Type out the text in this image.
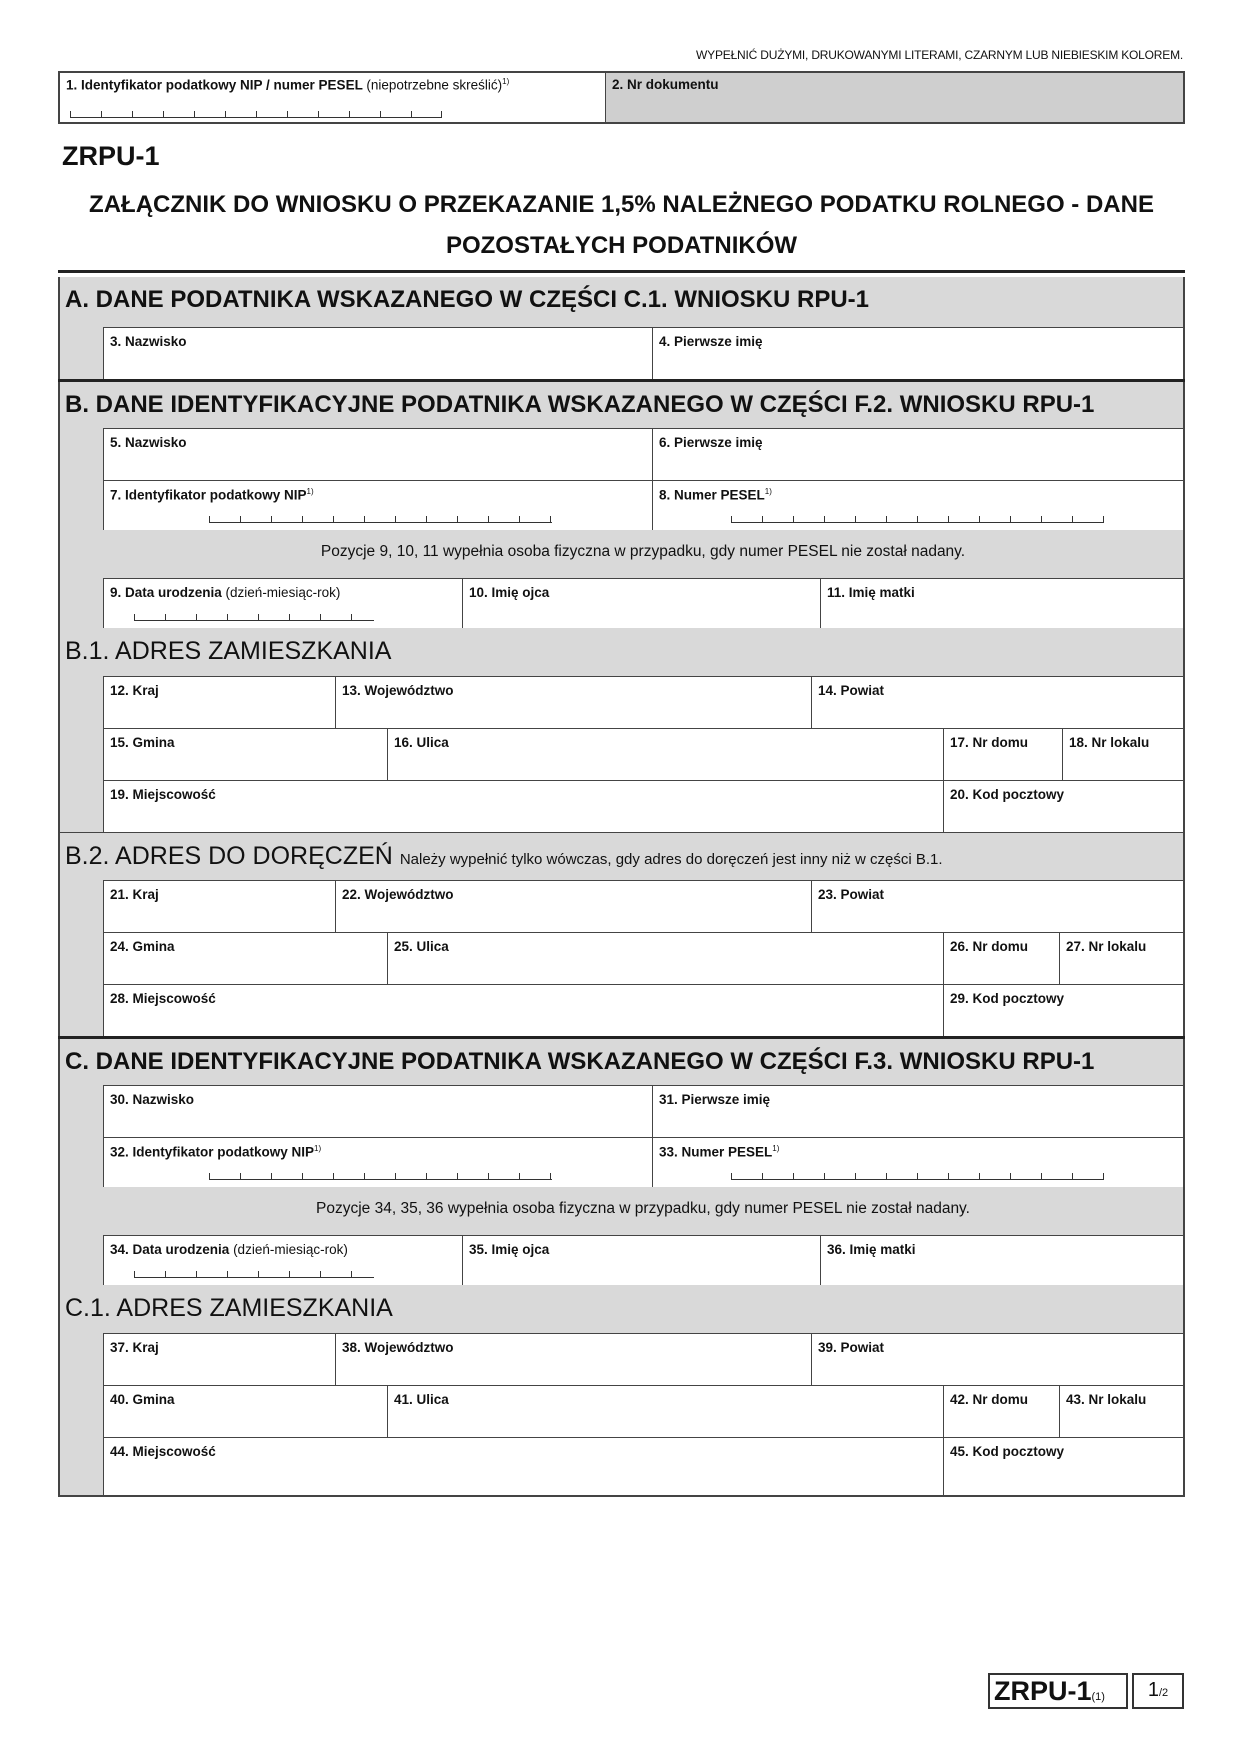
WYPEŁNIĆ DUŻYMI, DRUKOWANYMI LITERAMI, CZARNYM LUB NIEBIESKIM KOLOREM.
1. Identyfikator podatkowy NIP / numer PESEL (niepotrzebne skreślić)$^{1)}$	2. Nr dokumentu
ZRPU-1
ZAŁĄCZNIK DO WNIOSKU O PRZEKAZANIE 1,5% NALEŻNEGO PODATKU ROLNEGO - DANE
POZOSTAŁYCH PODATNIKÓW
A. DANE PODATNIKA WSKAZANEGO W CZĘŚCI C.1. WNIOSKU RPU-1
3. Nazwisko	4. Pierwsze imię
B. DANE IDENTYFIKACYJNE PODATNIKA WSKAZANEGO W CZĘŚCI F.2. WNIOSKU RPU-1
5. Nazwisko	6. Pierwsze imię
7. Identyfikator podatkowy NIP$^{1)}$	8. Numer PESEL$^{1)}$
Pozycje 9, 10, 11 wypełnia osoba fizyczna w przypadku, gdy numer PESEL nie został nadany.
9. Data urodzenia (dzień-miesiąc-rok)	10. Imię ojca	11. Imię matki
B.1. ADRES ZAMIESZKANIA
12. Kraj	13. Województwo	14. Powiat
15. Gmina	16. Ulica	17. Nr domu	18. Nr lokalu
19. Miejscowość	20. Kod pocztowy
B.2. ADRES DO DORĘCZEŃ Należy wypełnić tylko wówczas, gdy adres do doręczeń jest inny niż w części B.1.
21. Kraj	22. Województwo	23. Powiat
24. Gmina	25. Ulica	26. Nr domu	27. Nr lokalu
28. Miejscowość	29. Kod pocztowy
C. DANE IDENTYFIKACYJNE PODATNIKA WSKAZANEGO W CZĘŚCI F.3. WNIOSKU RPU-1
30. Nazwisko	31. Pierwsze imię
32. Identyfikator podatkowy NIP$^{1)}$	33. Numer PESEL$^{1)}$
Pozycje 34, 35, 36 wypełnia osoba fizyczna w przypadku, gdy numer PESEL nie został nadany.
34. Data urodzenia (dzień-miesiąc-rok)	35. Imię ojca	36. Imię matki
C.1. ADRES ZAMIESZKANIA
37. Kraj	38. Województwo	39. Powiat
40. Gmina	41. Ulica	42. Nr domu	43. Nr lokalu
44. Miejscowość	45. Kod pocztowy
ZRPU-1(1)	1/2
